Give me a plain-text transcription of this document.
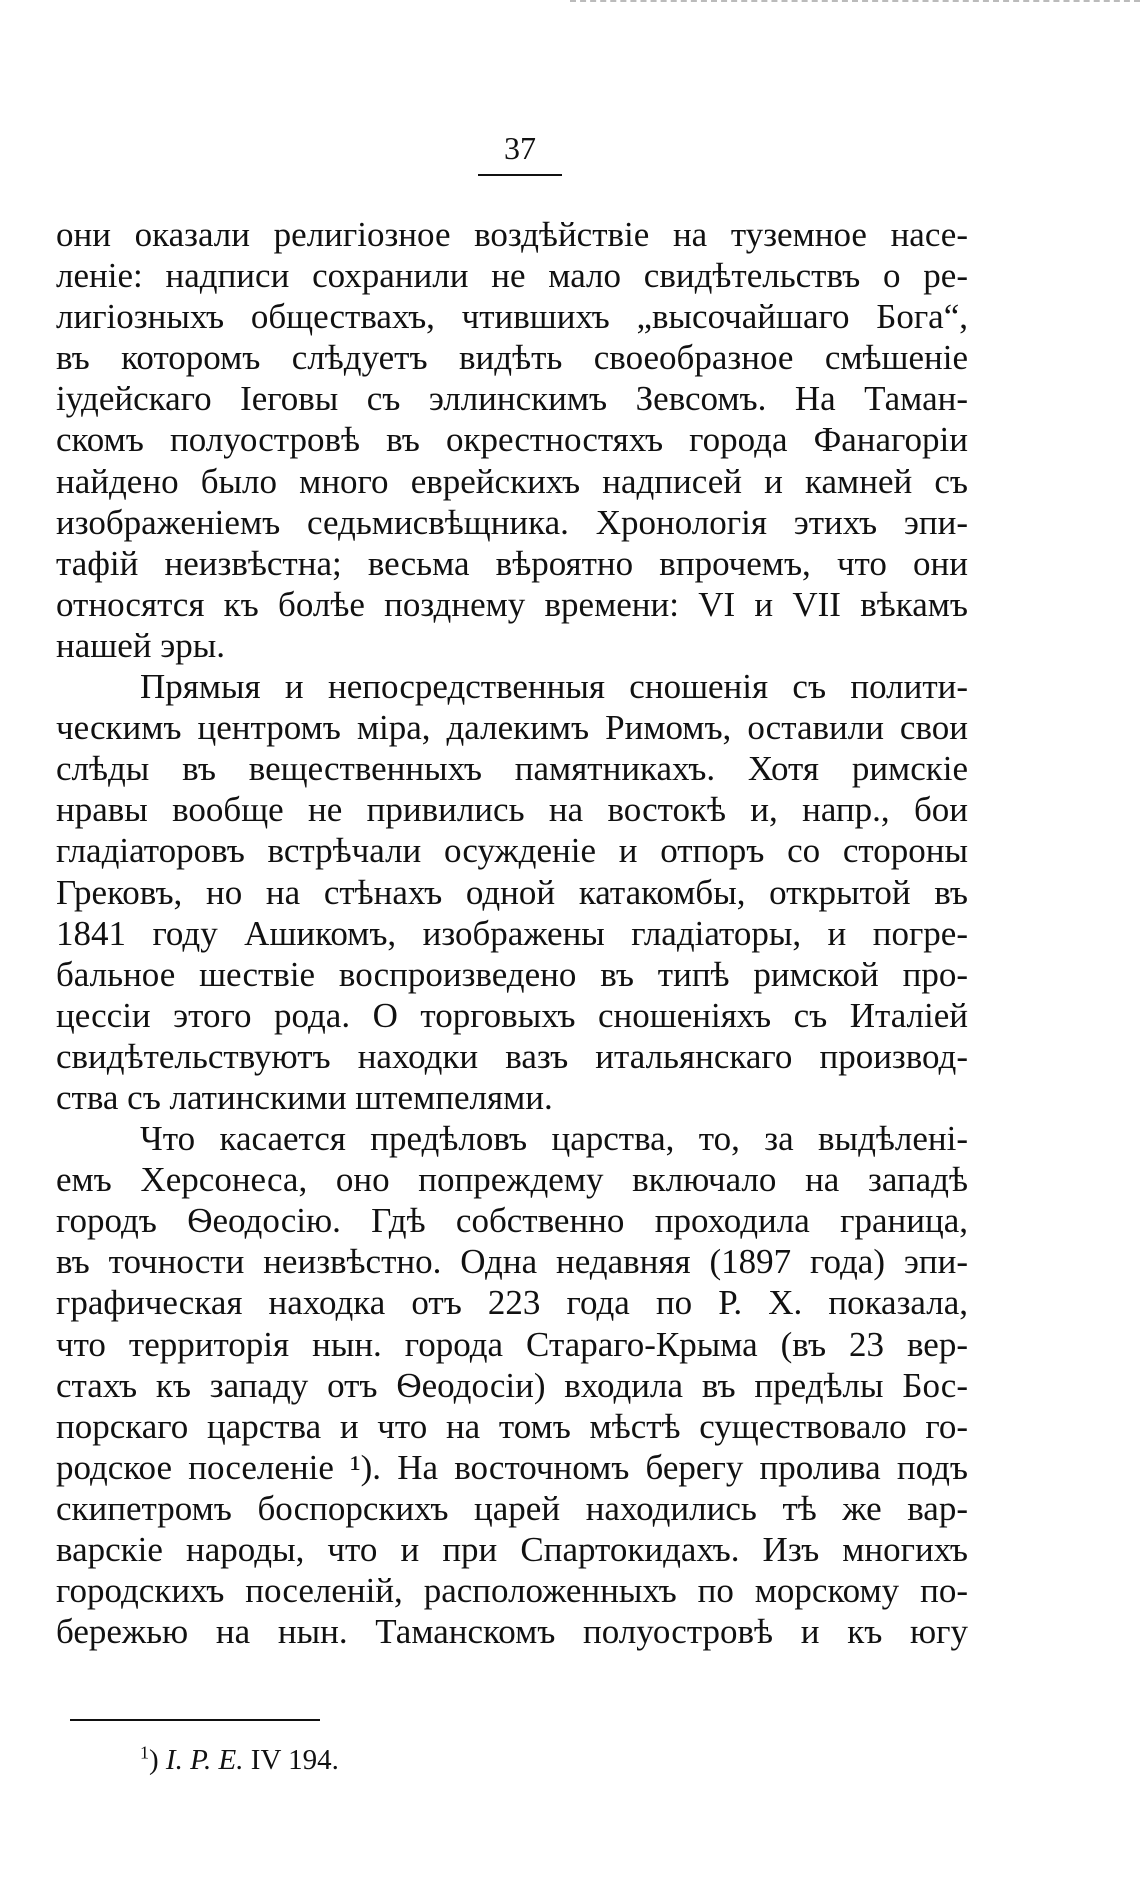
37
они оказали религiозное воздѣйствiе на туземное насе-
ленiе: надписи сохранили не мало свидѣтельствъ о ре-
лигiозныхъ обществахъ, чтившихъ „высочайшаго Бога“,
въ которомъ слѣдуетъ видѣть своеобразное смѣшенiе
iудейскаго Iеговы съ эллинскимъ Зевсомъ. На Таман-
скомъ полуостровѣ въ окрестностяхъ города Фанагорiи
найдено было много еврейскихъ надписей и камней съ
изображенiемъ седьмисвѣщника. Хронологiя этихъ эпи-
тафiй неизвѣстна; весьма вѣроятно впрочемъ, что они
относятся къ болѣе позднему времени: VI и VII вѣкамъ
нашей эры.
Прямыя и непосредственныя сношенiя съ полити-
ческимъ центромъ мiра, далекимъ Римомъ, оставили свои
слѣды въ вещественныхъ памятникахъ. Хотя римскiе
нравы вообще не привились на востокѣ и, напр., бои
гладiаторовъ встрѣчали осужденiе и отпоръ со стороны
Грековъ, но на стѣнахъ одной катакомбы, открытой въ
1841 году Ашикомъ, изображены гладiаторы, и погре-
бальное шествiе воспроизведено въ типѣ римской про-
цессiи этого рода. О торговыхъ сношенiяхъ съ Италiей
свидѣтельствуютъ находки вазъ итальянскаго производ-
ства съ латинскими штемпелями.
Что касается предѣловъ царства, то, за выдѣленi-
емъ Херсонеса, оно попреждему включало на западѣ
городъ Ѳеодосiю. Гдѣ собственно проходила граница,
въ точности неизвѣстно. Одна недавняя (1897 года) эпи-
графическая находка отъ 223 года по Р. Х. показала,
что территорiя нын. города Стараго-Крыма (въ 23 вер-
стахъ къ западу отъ Ѳеодосiи) входила въ предѣлы Бос-
порскаго царства и что на томъ мѣстѣ существовало го-
родское поселенiе ¹). На восточномъ берегу пролива подъ
скипетромъ боспорскихъ царей находились тѣ же вар-
варскiе народы, что и при Спартокидахъ. Изъ многихъ
городскихъ поселенiй, расположенныхъ по морскому по-
бережью на нын. Таманскомъ полуостровѣ и къ югу
$^1$) I. P. E. IV 194.
